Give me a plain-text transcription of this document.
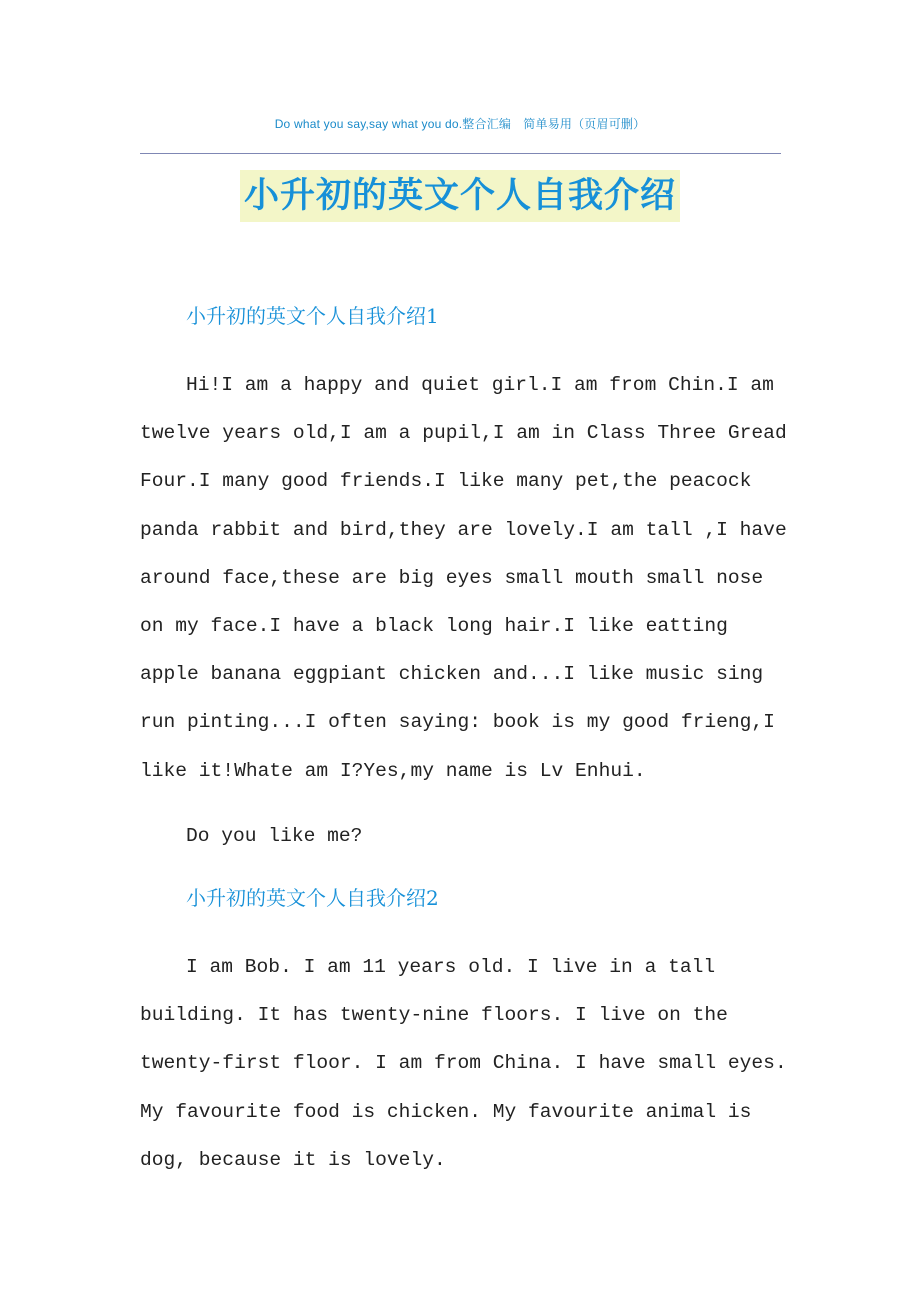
Do what you say,say what you do.整合汇编　简单易用（页眉可删）
小升初的英文个人自我介绍
小升初的英文个人自我介绍1
Hi!I am a happy and quiet girl.I am from Chin.I am
twelve years old,I am a pupil,I am in Class Three Gread
Four.I many good friends.I like many pet,the peacock
panda rabbit and bird,they are lovely.I am tall ,I have
around face,these are big eyes small mouth small nose
on my face.I have a black long hair.I like eatting
apple banana eggpiant chicken and...I like music sing
run pinting...I often saying: book is my good frieng,I
like it!Whate am I?Yes,my name is Lv Enhui.
Do you like me?
小升初的英文个人自我介绍2
I am Bob. I am 11 years old. I live in a tall
building. It has twenty-nine floors. I live on the
twenty-first floor. I am from China. I have small eyes.
My favourite food is chicken. My favourite animal is
dog, because it is lovely.
